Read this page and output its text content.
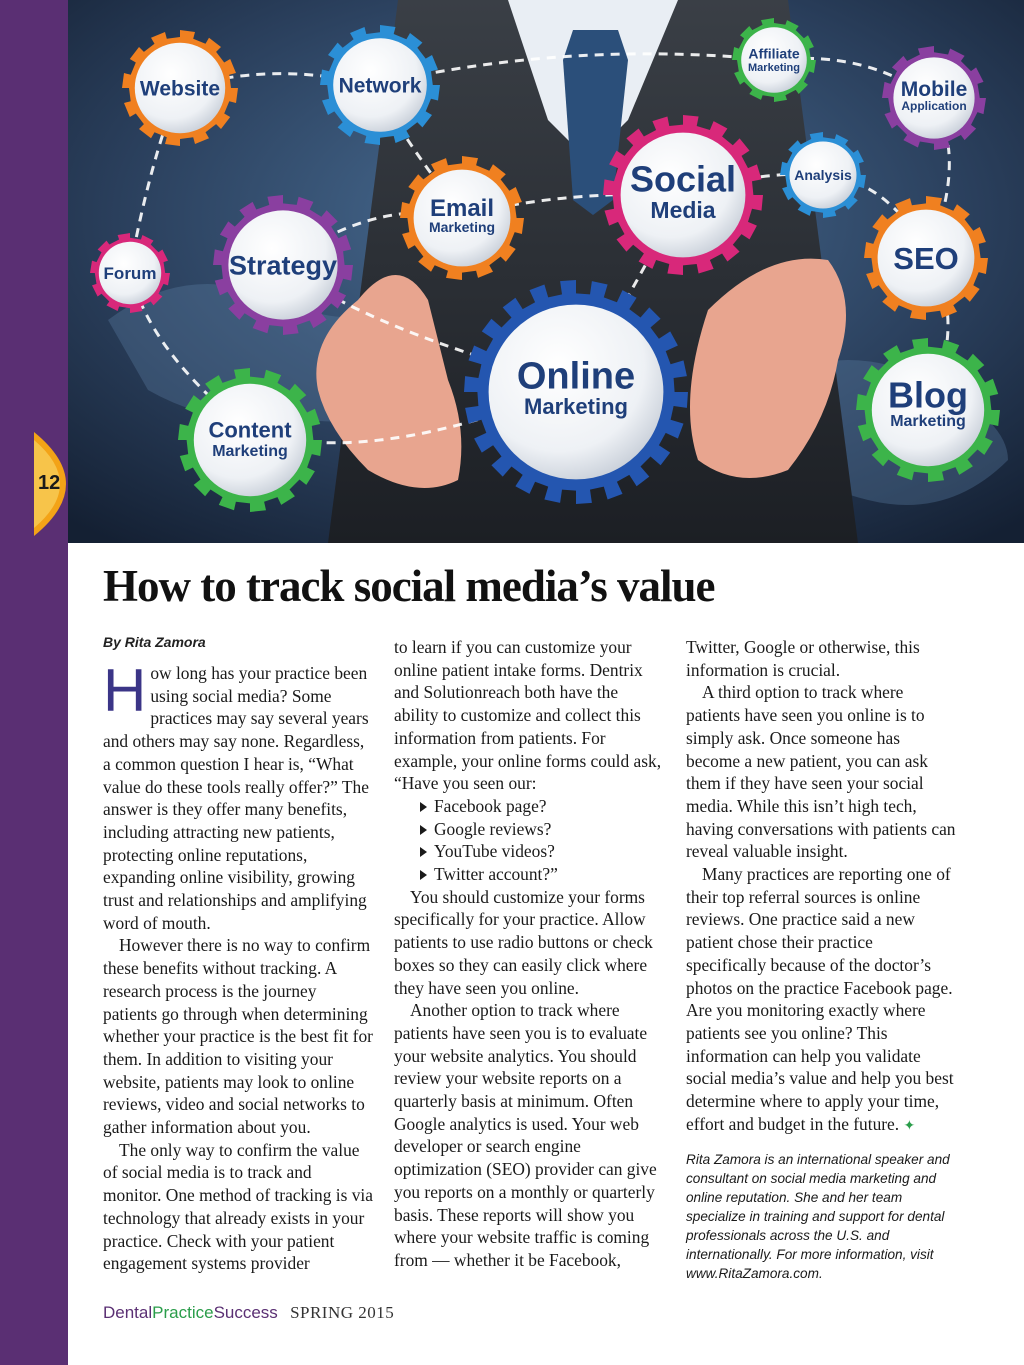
Website	Network
Affiliate
Marketing
Mobile
Application
Email
Marketing
Social
Media
Analysis
Forum	Strategy	SEO
Online
Marketing
Content
Marketing
Blog
Marketing
12
How to track social media’s value
By Rita Zamora

How long has your practice been using social media? Some practices may say several years and others may say none. Regardless, a common question I hear is, “What value do these tools really offer?” The answer is they offer many benefits, including attracting new patients, protecting online reputations, expanding online visibility, growing trust and relationships and amplifying word of mouth.

However there is no way to confirm these benefits without tracking. A research process is the journey patients go through when determining whether your practice is the best fit for them. In addition to visiting your website, patients may look to online reviews, video and social networks to gather information about you.

The only way to confirm the value of social media is to track and monitor. One method of tracking is via technology that already exists in your practice. Check with your patient engagement systems provider

to learn if you can customize your online patient intake forms. Dentrix and Solutionreach both have the ability to customize and collect this information from patients. For example, your online forms could ask, “Have you seen our:

Facebook page?
Google reviews?
YouTube videos?
Twitter account?”

You should customize your forms specifically for your practice. Allow patients to use radio buttons or check boxes so they can easily click where they have seen you online.

Another option to track where patients have seen you is to evaluate your website analytics. You should review your website reports on a quarterly basis at minimum. Often Google analytics is used. Your web developer or search engine optimization (SEO) provider can give you reports on a monthly or quarterly basis. These reports will show you where your website traffic is coming from — whether it be Facebook,

Twitter, Google or otherwise, this information is crucial.

A third option to track where patients have seen you online is to simply ask. Once someone has become a new patient, you can ask them if they have seen your social media. While this isn’t high tech, having conversations with patients can reveal valuable insight.

Many practices are reporting one of their top referral sources is online reviews. One practice said a new patient chose their practice specifically because of the doctor’s photos on the practice Facebook page. Are you monitoring exactly where patients see you online? This information can help you validate social media’s value and help you best determine where to apply your time, effort and budget in the future. ✦

Rita Zamora is an international speaker and consultant on social media marketing and online reputation. She and her team specialize in training and support for dental professionals across the U.S. and internationally. For more information, visit www.RitaZamora.com.
DentalPracticeSuccess SPRING 2015
